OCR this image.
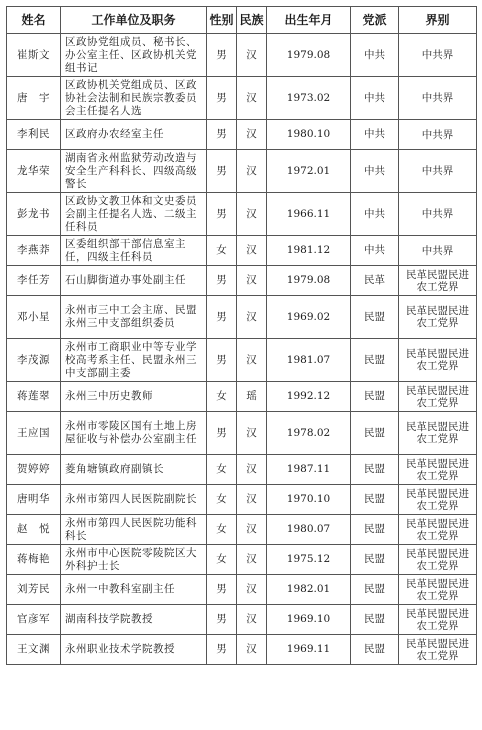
姓名	工作单位及职务	性别	民族	出生年月	党派	界别
崔斯文	区政协党组成员、秘书长、办公室主任、区政协机关党组书记	男	汉	1979.08	中共	中共界
唐　宇	区政协机关党组成员、区政协社会法制和民族宗教委员会主任提名人选	男	汉	1973.02	中共	中共界
李利民	区政府办农经室主任	男	汉	1980.10	中共	中共界
龙华荣	湖南省永州监狱劳动改造与安全生产科科长、四级高级警长	男	汉	1972.01	中共	中共界
彭龙书	区政协文教卫体和文史委员会副主任提名人选、二级主任科员	男	汉	1966.11	中共	中共界
李燕莽	区委组织部干部信息室主任，四级主任科员	女	汉	1981.12	中共	中共界
李任芳	石山脚街道办事处副主任	男	汉	1979.08	民革	民革民盟民进农工党界
邓小星	永州市三中工会主席、民盟永州三中支部组织委员	男	汉	1969.02	民盟	民革民盟民进农工党界
李茂源	永州市工商职业中等专业学校高考系主任、民盟永州三中支部副主委	男	汉	1981.07	民盟	民革民盟民进农工党界
蒋莲翠	永州三中历史教师	女	瑶	1992.12	民盟	民革民盟民进农工党界
王应国	永州市零陵区国有土地上房屋征收与补偿办公室副主任	男	汉	1978.02	民盟	民革民盟民进农工党界
贺婷婷	菱角塘镇政府副镇长	女	汉	1987.11	民盟	民革民盟民进农工党界
唐明华	永州市第四人民医院副院长	女	汉	1970.10	民盟	民革民盟民进农工党界
赵　悦	永州市第四人民医院功能科科长	女	汉	1980.07	民盟	民革民盟民进农工党界
蒋梅艳	永州市中心医院零陵院区大外科护士长	女	汉	1975.12	民盟	民革民盟民进农工党界
刘芳民	永州一中教科室副主任	男	汉	1982.01	民盟	民革民盟民进农工党界
官彦军	湖南科技学院教授	男	汉	1969.10	民盟	民革民盟民进农工党界
王文渊	永州职业技术学院教授	男	汉	1969.11	民盟	民革民盟民进农工党界
